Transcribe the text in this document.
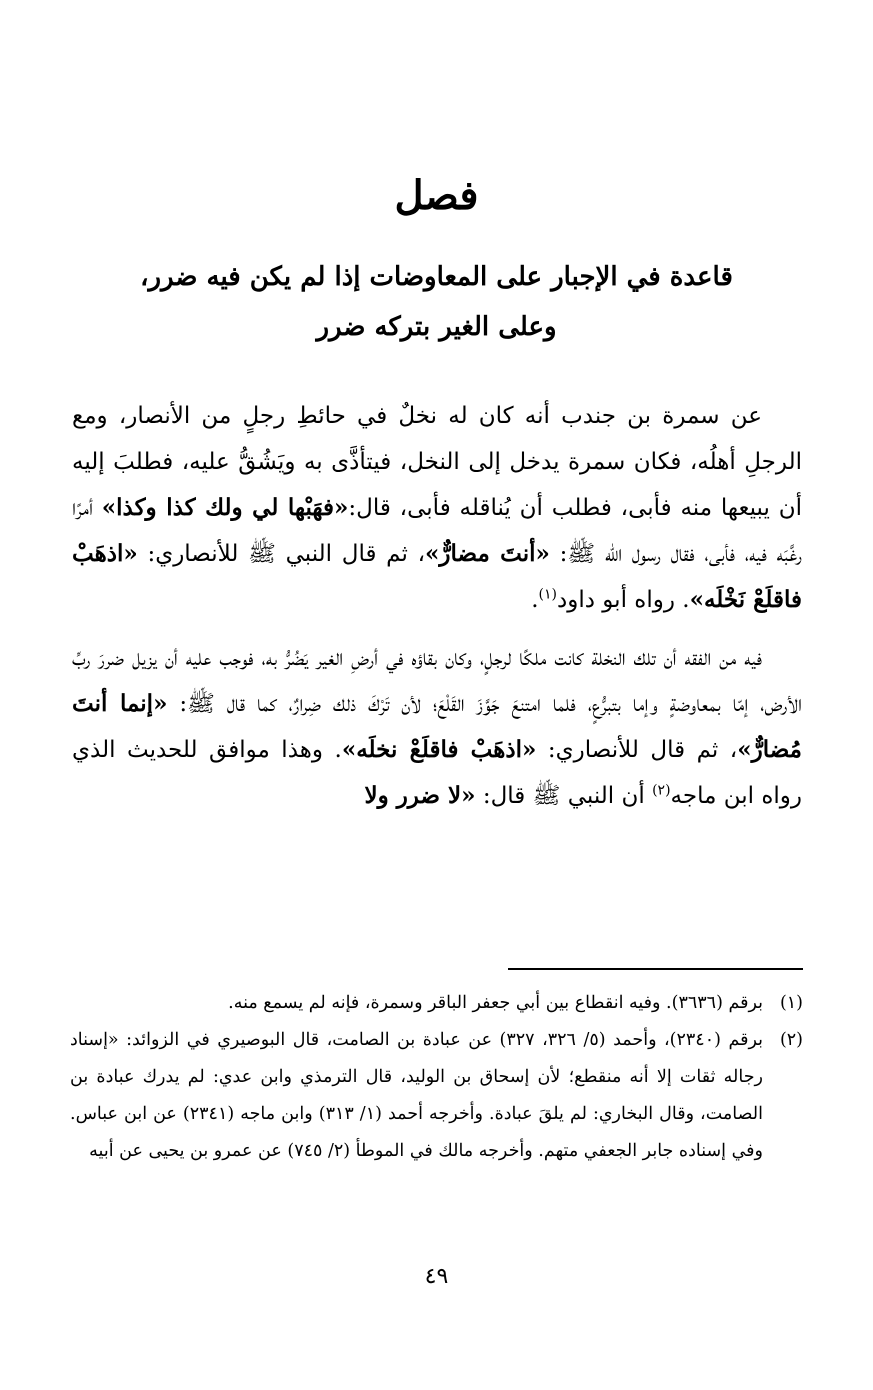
فصل
قاعدة في الإجبار على المعاوضات إذا لم يكن فيه ضرر،
وعلى الغير بتركه ضرر

عن سمرة بن جندب أنه كان له نخلٌ في حائطِ رجلٍ من الأنصار، ومع الرجلِ أهلُه، فكان سمرة يدخل إلى النخل، فيتأذَّى به ويَشُقُّ عليه، فطلبَ إليه أن يبيعها منه فأبى، فطلب أن يُناقله فأبى، قال:«فهَبْها لي ولك كذا وكذا» أمرًا رغَّبَه فيه، فأبى، فقال رسول الله ﷺ: «أنتَ مضارٌّ»، ثم قال النبي ﷺ للأنصاري: «اذهَبْ فاقلَعْ نَخْلَه». رواه أبو داود$^{(١)}$.

فيه من الفقه أن تلك النخلة كانت ملكًا لرجلٍ، وكان بقاؤه في أرضِ الغير يَضُرُّ به، فوجب عليه أن يزيل ضررَ ربِّ الأرض، إمّا بمعاوضةٍ وإما بتبرُّعٍ، فلما امتنعَ جَوَّزَ القَلْعَ؛ لأن تَرْكَ ذلك ضِرارٌ، كما قال ﷺ: «إنما أنتَ مُضارٌّ»، ثم قال للأنصاري: «اذهَبْ فاقلَعْ نخلَه». وهذا موافق للحديث الذي رواه ابن ماجه$^{(٢)}$ أن النبي ﷺ قال: «لا ضرر ولا

(١)
برقم (٣٦٣٦). وفيه انقطاع بين أبي جعفر الباقر وسمرة، فإنه لم يسمع منه.
(٢)
برقم (٢٣٤٠)، وأحمد (٥/ ٣٢٦، ٣٢٧) عن عبادة بن الصامت، قال البوصيري في الزوائد: «إسناد رجاله ثقات إلا أنه منقطع؛ لأن إسحاق بن الوليد، قال الترمذي وابن عدي: لم يدرك عبادة بن الصامت، وقال البخاري: لم يلقَ عبادة. وأخرجه أحمد (١/ ٣١٣) وابن ماجه (٢٣٤١) عن ابن عباس. وفي إسناده جابر الجعفي متهم. وأخرجه مالك في الموطأ (٢/ ٧٤٥) عن عمرو بن يحيى عن أبيه
٤٩
